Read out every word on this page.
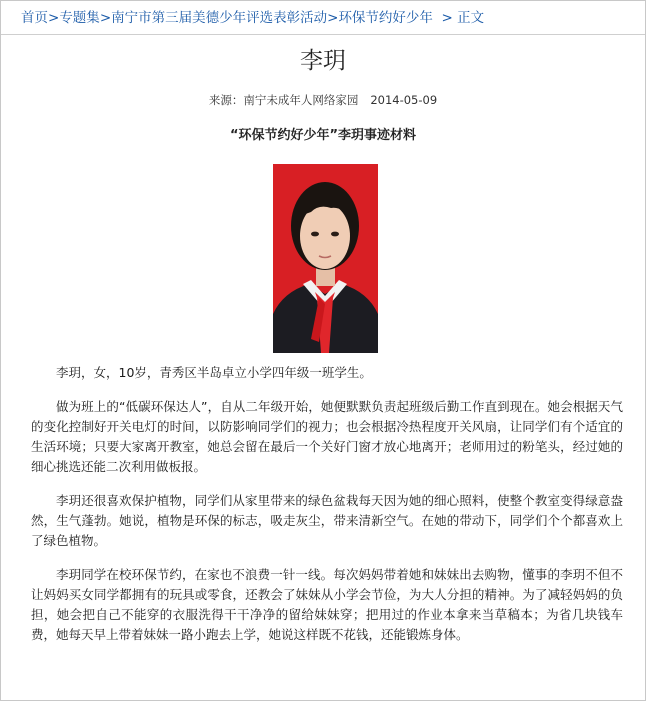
首页>专题集>南宁市第三届美德少年评选表彰活动>环保节约好少年 > 正文
李玥
来源：南宁未成年人网络家园 2014-05-09
“环保节约好少年”李玥事迹材料

李玥，女，10岁，青秀区半岛卓立小学四年级一班学生。

做为班上的“低碳环保达人”，自从二年级开始，她便默默负责起班级后勤工作直到现在。她会根据天气的变化控制好开关电灯的时间，以防影响同学们的视力；也会根据冷热程度开关风扇，让同学们有个适宜的生活环境；只要大家离开教室，她总会留在最后一个关好门窗才放心地离开；老师用过的粉笔头，经过她的细心挑选还能二次利用做板报。

李玥还很喜欢保护植物，同学们从家里带来的绿色盆栽每天因为她的细心照料，使整个教室变得绿意盎然，生气蓬勃。她说，植物是环保的标志，吸走灰尘，带来清新空气。在她的带动下，同学们个个都喜欢上了绿色植物。

李玥同学在校环保节约，在家也不浪费一针一线。每次妈妈带着她和妹妹出去购物，懂事的李玥不但不让妈妈买女同学都拥有的玩具或零食，还教会了妹妹从小学会节俭，为大人分担的精神。为了减轻妈妈的负担，她会把自己不能穿的衣服洗得干干净净的留给妹妹穿；把用过的作业本拿来当草稿本；为省几块钱车费，她每天早上带着妹妹一路小跑去上学，她说这样既不花钱，还能锻炼身体。
